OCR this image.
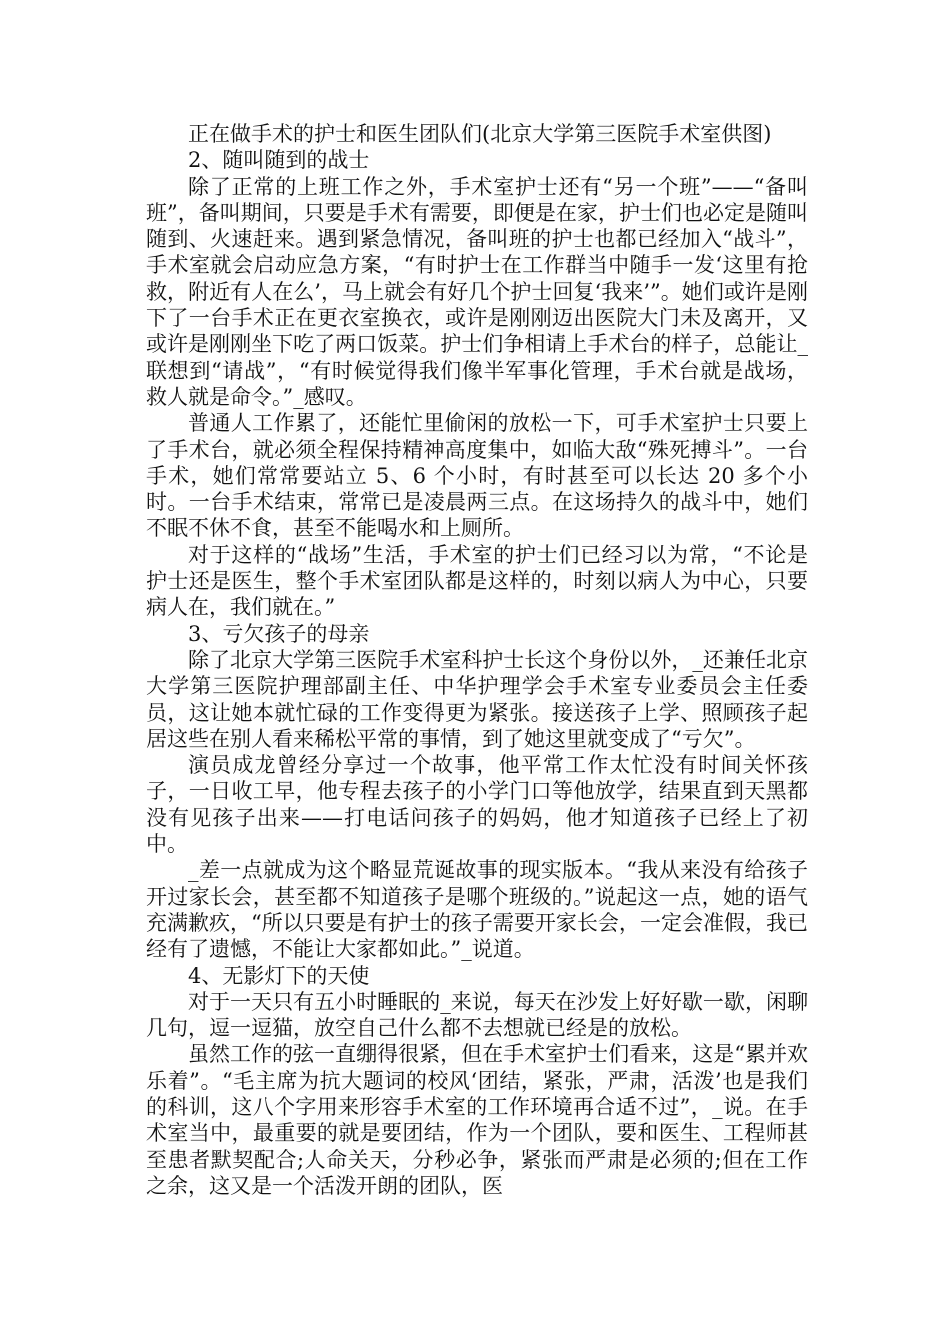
正在做手术的护士和医生团队们(北京大学第三医院手术室供图)

2、随叫随到的战士

除了正常的上班工作之外，手术室护士还有“另一个班”——“备叫班”，备叫期间，只要是手术有需要，即便是在家，护士们也必定是随叫随到、火速赶来。遇到紧急情况，备叫班的护士也都已经加入“战斗”，手术室就会启动应急方案，“有时护士在工作群当中随手一发‘这里有抢救，附近有人在么’，马上就会有好几个护士回复‘我来’”。她们或许是刚下了一台手术正在更衣室换衣，或许是刚刚迈出医院大门未及离开，又或许是刚刚坐下吃了两口饭菜。护士们争相请上手术台的样子，总能让_联想到“请战”，“有时候觉得我们像半军事化管理，手术台就是战场，救人就是命令。”_感叹。

普通人工作累了，还能忙里偷闲的放松一下，可手术室护士只要上了手术台，就必须全程保持精神高度集中，如临大敌“殊死搏斗”。一台手术，她们常常要站立 5、6 个小时，有时甚至可以长达 20 多个小时。一台手术结束，常常已是凌晨两三点。在这场持久的战斗中，她们不眠不休不食，甚至不能喝水和上厕所。

对于这样的“战场”生活，手术室的护士们已经习以为常，“不论是护士还是医生，整个手术室团队都是这样的，时刻以病人为中心，只要病人在，我们就在。”

3、亏欠孩子的母亲

除了北京大学第三医院手术室科护士长这个身份以外，_还兼任北京大学第三医院护理部副主任、中华护理学会手术室专业委员会主任委员，这让她本就忙碌的工作变得更为紧张。接送孩子上学、照顾孩子起居这些在别人看来稀松平常的事情，到了她这里就变成了“亏欠”。

演员成龙曾经分享过一个故事，他平常工作太忙没有时间关怀孩子，一日收工早，他专程去孩子的小学门口等他放学，结果直到天黑都没有见孩子出来——打电话问孩子的妈妈，他才知道孩子已经上了初中。

_差一点就成为这个略显荒诞故事的现实版本。“我从来没有给孩子开过家长会，甚至都不知道孩子是哪个班级的。”说起这一点，她的语气充满歉疚，“所以只要是有护士的孩子需要开家长会，一定会准假，我已经有了遗憾，不能让大家都如此。”_说道。

4、无影灯下的天使

对于一天只有五小时睡眠的_来说，每天在沙发上好好歇一歇，闲聊几句，逗一逗猫，放空自己什么都不去想就已经是的放松。

虽然工作的弦一直绷得很紧，但在手术室护士们看来，这是“累并欢乐着”。“毛主席为抗大题词的校风‘团结，紧张，严肃，活泼’也是我们的科训，这八个字用来形容手术室的工作环境再合适不过”，_说。在手术室当中，最重要的就是要团结，作为一个团队，要和医生、工程师甚至患者默契配合;人命关天，分秒必争，紧张而严肃是必须的;但在工作之余，这又是一个活泼开朗的团队，医
